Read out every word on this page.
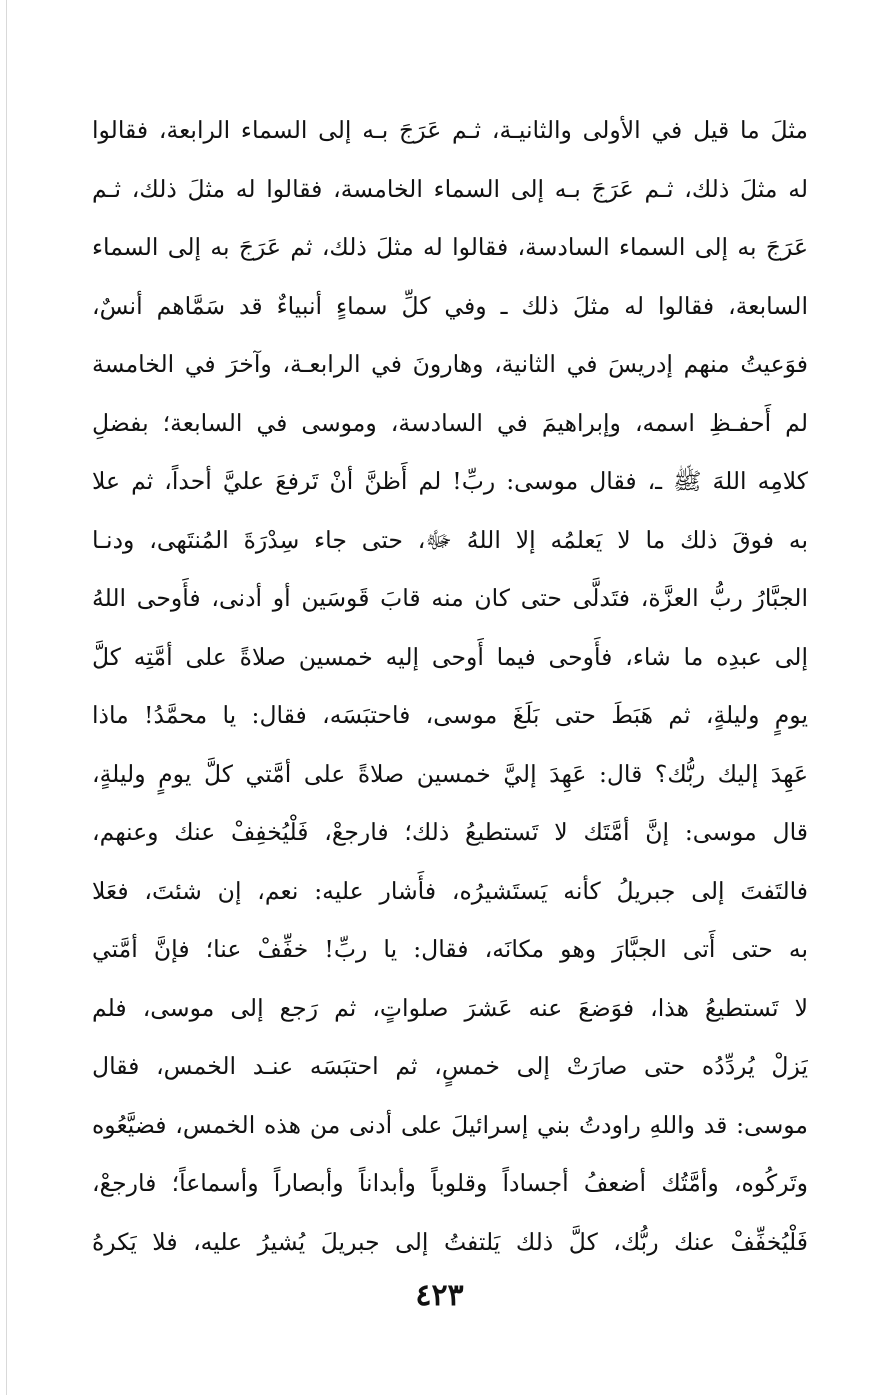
مثلَ ما قيل في الأولى والثانيـة، ثـم عَرَجَ بـه إلى السماء الرابعة، فقالوا
له مثلَ ذلك، ثـم عَرَجَ بـه إلى السماء الخامسة، فقالوا له مثلَ ذلك، ثـم
عَرَجَ به إلى السماء السادسة، فقالوا له مثلَ ذلك، ثم عَرَجَ به إلى السماء
السابعة، فقالوا له مثلَ ذلك ـ وفي كلِّ سماءٍ أنبياءٌ قد سَمَّاهم أنسٌ،
فوَعيتُ منهم إدريسَ في الثانية، وهارونَ في الرابعـة، وآخرَ في الخامسة
لم أَحفـظِ اسمه، وإبراهيمَ في السادسة، وموسى في السابعة؛ بفضلِ
كلامِه اللهَ ﷺ ـ، فقال موسى: ربِّ! لم أَظنَّ أنْ تَرفعَ عليَّ أحداً، ثم علا
به فوقَ ذلك ما لا يَعلمُه إلا اللهُ ﷻ، حتى جاء سِدْرَةَ المُنتَهى، ودنـا
الجبَّارُ ربُّ العزَّة، فتَدلَّى حتى كان منه قابَ قَوسَين أو أدنى، فأَوحى اللهُ
إلى عبدِه ما شاء، فأَوحى فيما أَوحى إليه خمسين صلاةً على أمَّتِه كلَّ
يومٍ وليلةٍ، ثم هَبَطَ حتى بَلَغَ موسى، فاحتبَسَه، فقال: يا محمَّدُ! ماذا
عَهِدَ إليك ربُّك؟ قال: عَهِدَ إليَّ خمسين صلاةً على أمَّتي كلَّ يومٍ وليلةٍ،
قال موسى: إنَّ أمَّتَك لا تَستطيعُ ذلك؛ فارجعْ، فَلْيُخفِفْ عنك وعنهم،
فالتَفتَ إلى جبريلُ كأنه يَستَشيرُه، فأَشار عليه: نعم، إن شئتَ، فعَلا
به حتى أَتى الجبَّارَ وهو مكانَه، فقال: يا ربِّ! خفِّفْ عنا؛ فإنَّ أمَّتي
لا تَستطيعُ هذا، فوَضعَ عنه عَشرَ صلواتٍ، ثم رَجع إلى موسى، فلم
يَزلْ يُردِّدُه حتى صارَتْ إلى خمسٍ، ثم احتبَسَه عنـد الخمس، فقال
موسى: قد واللهِ راودتُ بني إسرائيلَ على أدنى من هذه الخمس، فضيَّعُوه
وتَركُوه، وأمَّتُك أضعفُ أجساداً وقلوباً وأبداناً وأبصاراً وأسماعاً؛ فارجعْ،
فَلْيُخفِّفْ عنك ربُّك، كلَّ ذلك يَلتفتُ إلى جبريلَ يُشيرُ عليه، فلا يَكرهُ
٤٢٣
